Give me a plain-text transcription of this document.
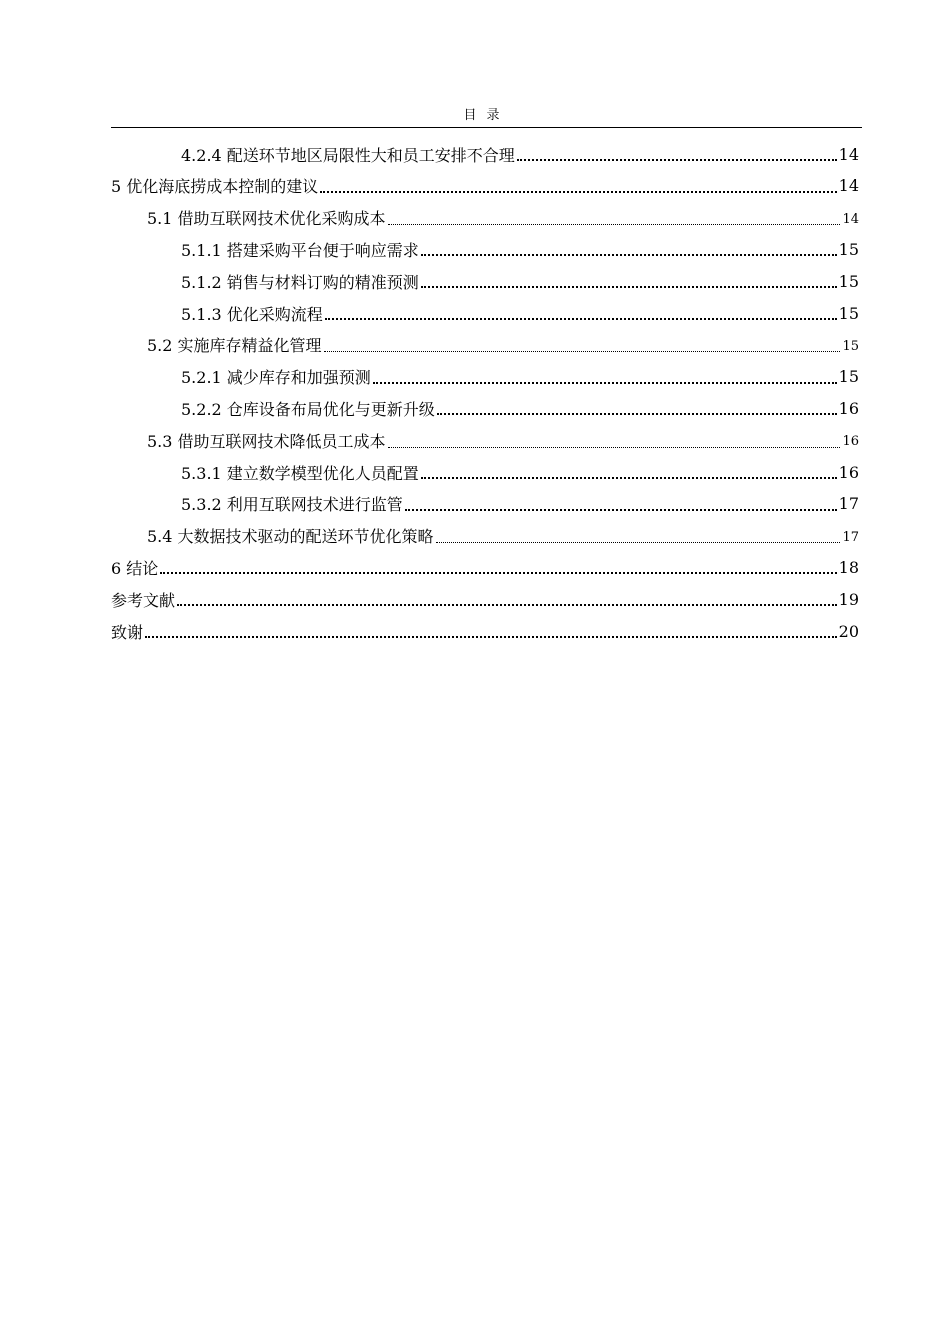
目录
4.2.4 配送环节地区局限性大和员工安排不合理	14
5 优化海底捞成本控制的建议	14
5.1 借助互联网技术优化采购成本	14
5.1.1 搭建采购平台便于响应需求	15
5.1.2 销售与材料订购的精准预测	15
5.1.3 优化采购流程	15
5.2 实施库存精益化管理	15
5.2.1 减少库存和加强预测	15
5.2.2 仓库设备布局优化与更新升级	16
5.3 借助互联网技术降低员工成本	16
5.3.1 建立数学模型优化人员配置	16
5.3.2 利用互联网技术进行监管	17
5.4 大数据技术驱动的配送环节优化策略	17
6 结论	18
参考文献	19
致谢	20
